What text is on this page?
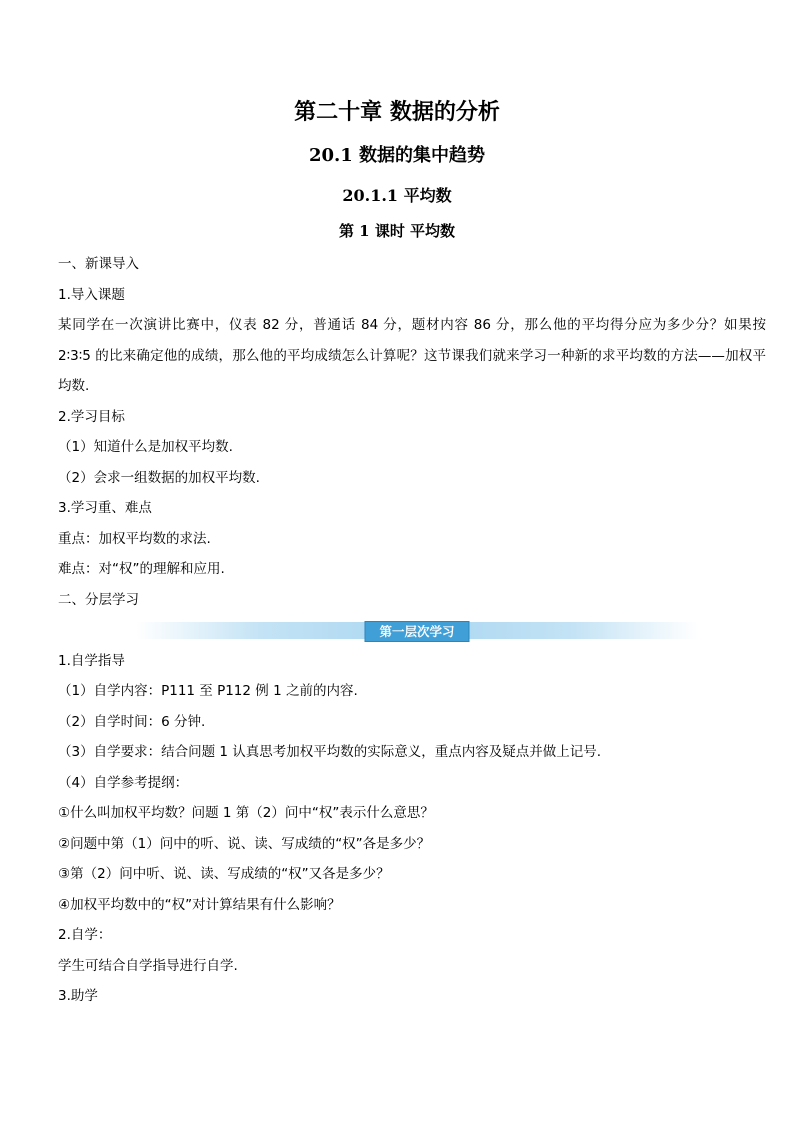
第二十章 数据的分析
20.1 数据的集中趋势
20.1.1 平均数
第 1 课时 平均数

一、新课导入

1.导入课题

某同学在一次演讲比赛中，仪表 82 分，普通话 84 分，题材内容 86 分，那么他的平均得分应为多少分？如果按 2∶3∶5 的比来确定他的成绩，那么他的平均成绩怎么计算呢？这节课我们就来学习一种新的求平均数的方法——加权平均数.

2.学习目标

（1）知道什么是加权平均数.

（2）会求一组数据的加权平均数.

3.学习重、难点

重点：加权平均数的求法.

难点：对“权”的理解和应用.

二、分层学习

第一层次学习

1.自学指导

（1）自学内容：P111 至 P112 例 1 之前的内容.

（2）自学时间：6 分钟.

（3）自学要求：结合问题 1 认真思考加权平均数的实际意义，重点内容及疑点并做上记号.

（4）自学参考提纲：

①什么叫加权平均数？问题 1 第（2）问中“权”表示什么意思？

②问题中第（1）问中的听、说、读、写成绩的“权”各是多少？

③第（2）问中听、说、读、写成绩的“权”又各是多少？

④加权平均数中的“权”对计算结果有什么影响？

2.自学：

学生可结合自学指导进行自学.

3.助学
